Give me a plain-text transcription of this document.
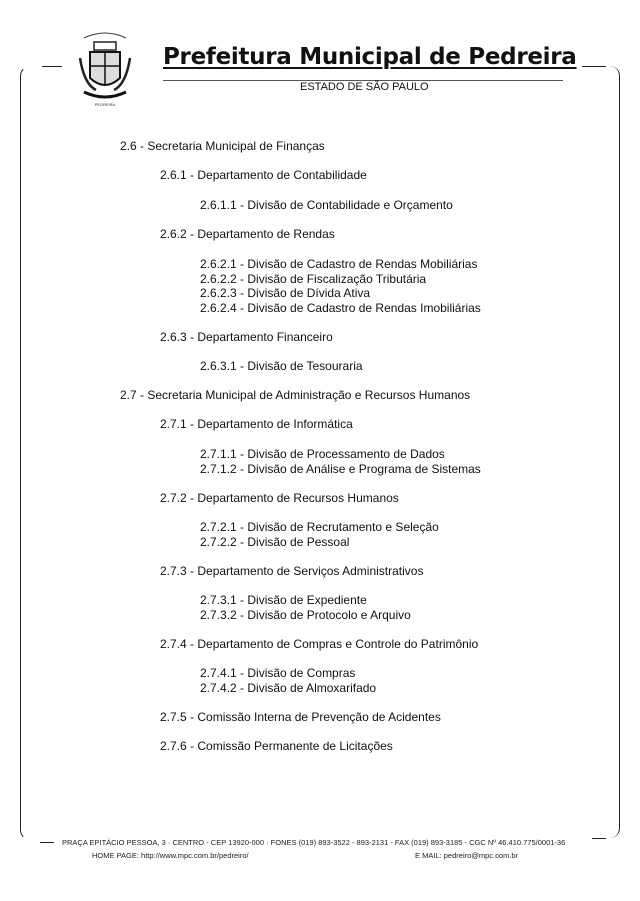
PEDREIRA
Prefeitura Municipal de Pedreira
ESTADO DE SÃO PAULO
2.6 - Secretaria Municipal de Finanças
2.6.1 - Departamento de Contabilidade
2.6.1.1 - Divisão de Contabilidade e Orçamento
2.6.2 - Departamento de Rendas
2.6.2.1 - Divisão de Cadastro de Rendas Mobiliárias
2.6.2.2 - Divisão de Fiscalização Tributária
2.6.2.3 - Divisão de Dívida Ativa
2.6.2.4 - Divisão de Cadastro de Rendas Imobiliárias
2.6.3 - Departamento Financeiro
2.6.3.1 - Divisão de Tesouraria
2.7 - Secretaria Municipal de Administração e Recursos Humanos
2.7.1 - Departamento de Informática
2.7.1.1 - Divisão de Processamento de Dados
2.7.1.2 - Divisão de Análise e Programa de Sistemas
2.7.2 - Departamento de Recursos Humanos
2.7.2.1 - Divisão de Recrutamento e Seleção
2.7.2.2 - Divisão de Pessoal
2.7.3 - Departamento de Serviços Administrativos
2.7.3.1 - Divisão de Expediente
2.7.3.2 - Divisão de Protocolo e Arquivo
2.7.4 - Departamento de Compras e Controle do Patrimônio
2.7.4.1 - Divisão de Compras
2.7.4.2 - Divisão de Almoxarifado
2.7.5 - Comissão Interna de Prevenção de Acidentes
2.7.6 - Comissão Permanente de Licitações
PRAÇA EPITÁCIO PESSOA, 3 · CENTRO - CEP 13920-000 · FONES (019) 893-3522 - 893-2131 - FAX (019) 893-3185 - CGC Nº 46.410.775/0001-36
HOME PAGE: http://www.mpc.com.br/pedreiro/	E MAIL: pedreiro@mpc.com.br
